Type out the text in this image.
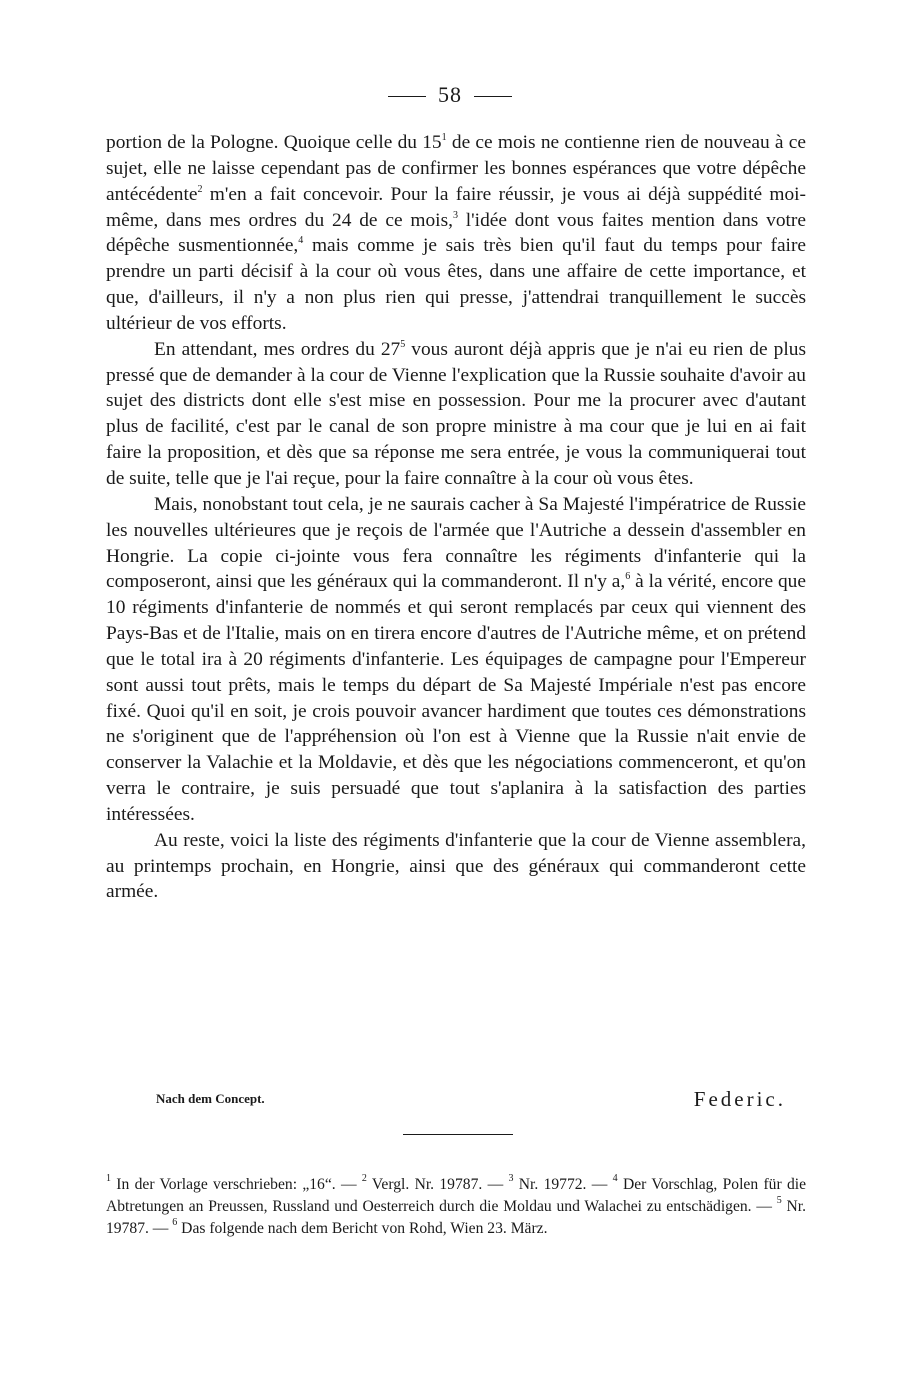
58

portion de la Pologne. Quoique celle du $15^1$ de ce mois ne contienne rien de nouveau à ce sujet, elle ne laisse cependant pas de confirmer les bonnes espérances que votre dépêche antécédente$^2$ m'en a fait concevoir. Pour la faire réussir, je vous ai déjà suppédité moi-même, dans mes ordres du 24 de ce mois,$^3$ l'idée dont vous faites mention dans votre dépêche susmentionnée,$^4$ mais comme je sais très bien qu'il faut du temps pour faire prendre un parti décisif à la cour où vous êtes, dans une affaire de cette importance, et que, d'ailleurs, il n'y a non plus rien qui presse, j'attendrai tranquillement le succès ultérieur de vos efforts.

En attendant, mes ordres du $27^5$ vous auront déjà appris que je n'ai eu rien de plus pressé que de demander à la cour de Vienne l'explication que la Russie souhaite d'avoir au sujet des districts dont elle s'est mise en possession. Pour me la procurer avec d'autant plus de facilité, c'est par le canal de son propre ministre à ma cour que je lui en ai fait faire la proposition, et dès que sa réponse me sera entrée, je vous la communiquerai tout de suite, telle que je l'ai reçue, pour la faire connaître à la cour où vous êtes.

Mais, nonobstant tout cela, je ne saurais cacher à Sa Majesté l'impératrice de Russie les nouvelles ultérieures que je reçois de l'armée que l'Autriche a dessein d'assembler en Hongrie. La copie ci-jointe vous fera connaître les régiments d'infanterie qui la composeront, ainsi que les généraux qui la commanderont. Il n'y a,$^6$ à la vérité, encore que 10 régiments d'infanterie de nommés et qui seront remplacés par ceux qui viennent des Pays-Bas et de l'Italie, mais on en tirera encore d'autres de l'Autriche même, et on prétend que le total ira à 20 régiments d'infanterie. Les équipages de campagne pour l'Empereur sont aussi tout prêts, mais le temps du départ de Sa Majesté Impériale n'est pas encore fixé. Quoi qu'il en soit, je crois pouvoir avancer hardiment que toutes ces démonstrations ne s'originent que de l'appréhension où l'on est à Vienne que la Russie n'ait envie de conserver la Valachie et la Moldavie, et dès que les négociations commenceront, et qu'on verra le contraire, je suis persuadé que tout s'aplanira à la satisfaction des parties intéressées.

Au reste, voici la liste des régiments d'infanterie que la cour de Vienne assemblera, au printemps prochain, en Hongrie, ainsi que des généraux qui commanderont cette armée.

Nach dem Concept.	Federic.

$^1$ In der Vorlage verschrieben: „16“. — $^2$ Vergl. Nr. 19787. — $^3$ Nr. 19772. — $^4$ Der Vorschlag, Polen für die Abtretungen an Preussen, Russland und Oesterreich durch die Moldau und Walachei zu entschädigen. — $^5$ Nr. 19787. — $^6$ Das folgende nach dem Bericht von Rohd, Wien 23. März.
